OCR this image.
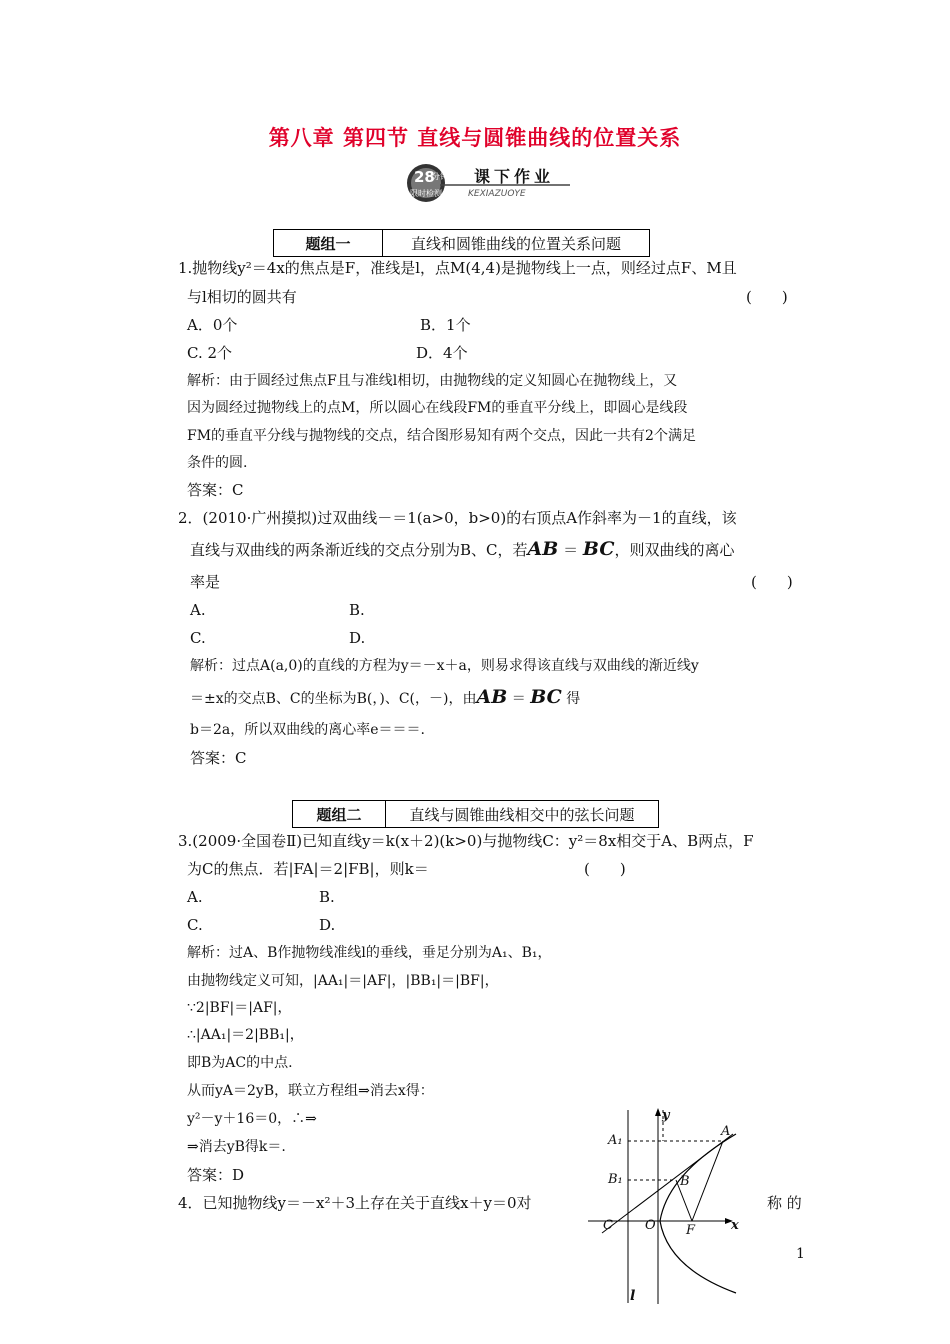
第八章 第四节 直线与圆锥曲线的位置关系
28
分钟
限时检测
课下作业
KEXIAZUOYE
题组一	直线和圆锥曲线的位置关系问题
1.抛物线y²＝4x的焦点是F，准线是l，点M(4,4)是抛物线上一点，则经过点F、M且
与l相切的圆共有	(　　)
A．0个	B．1个
C. 2个	D．4个
解析：由于圆经过焦点F且与准线l相切，由抛物线的定义知圆心在抛物线上，又
因为圆经过抛物线上的点M，所以圆心在线段FM的垂直平分线上，即圆心是线段
FM的垂直平分线与抛物线的交点，结合图形易知有两个交点，因此一共有2个满足
条件的圆.
答案：C
2．(2010·广州摸拟)过双曲线－＝1(a>0，b>0)的右顶点A作斜率为－1的直线，该
直线与双曲线的两条渐近线的交点分别为B、C，若AB ＝ BC，则双曲线的离心
率是	(　　)
A.	B.
C.	D.
解析：过点A(a,0)的直线的方程为y＝－x＋a，则易求得该直线与双曲线的渐近线y
＝±x的交点B、C的坐标为B(，)、C(，－)，由AB ＝ BC 得
b＝2a，所以双曲线的离心率e＝＝＝.
答案：C
题组二	直线与圆锥曲线相交中的弦长问题
3.(2009·全国卷Ⅱ)已知直线y＝k(x＋2)(k>0)与抛物线C：y²＝8x相交于A、B两点，F
为C的焦点．若|FA|＝2|FB|，则k＝	(　　)
A.	B.
C.	D.
解析：过A、B作抛物线准线l的垂线，垂足分别为A₁、B₁，
由抛物线定义可知，|AA₁|＝|AF|，|BB₁|＝|BF|，
∵2|BF|＝|AF|，
∴|AA₁|＝2|BB₁|，
即B为AC的中点.
从而yA＝2yB，联立方程组⇒消去x得：
y²－y＋16＝0，∴⇒
⇒消去yB得k＝.
答案：D
4．已知抛物线y＝－x²＋3上存在关于直线x＋y＝0对	称 的
y
x
A₁
B₁
A
B
C O F
l
1
